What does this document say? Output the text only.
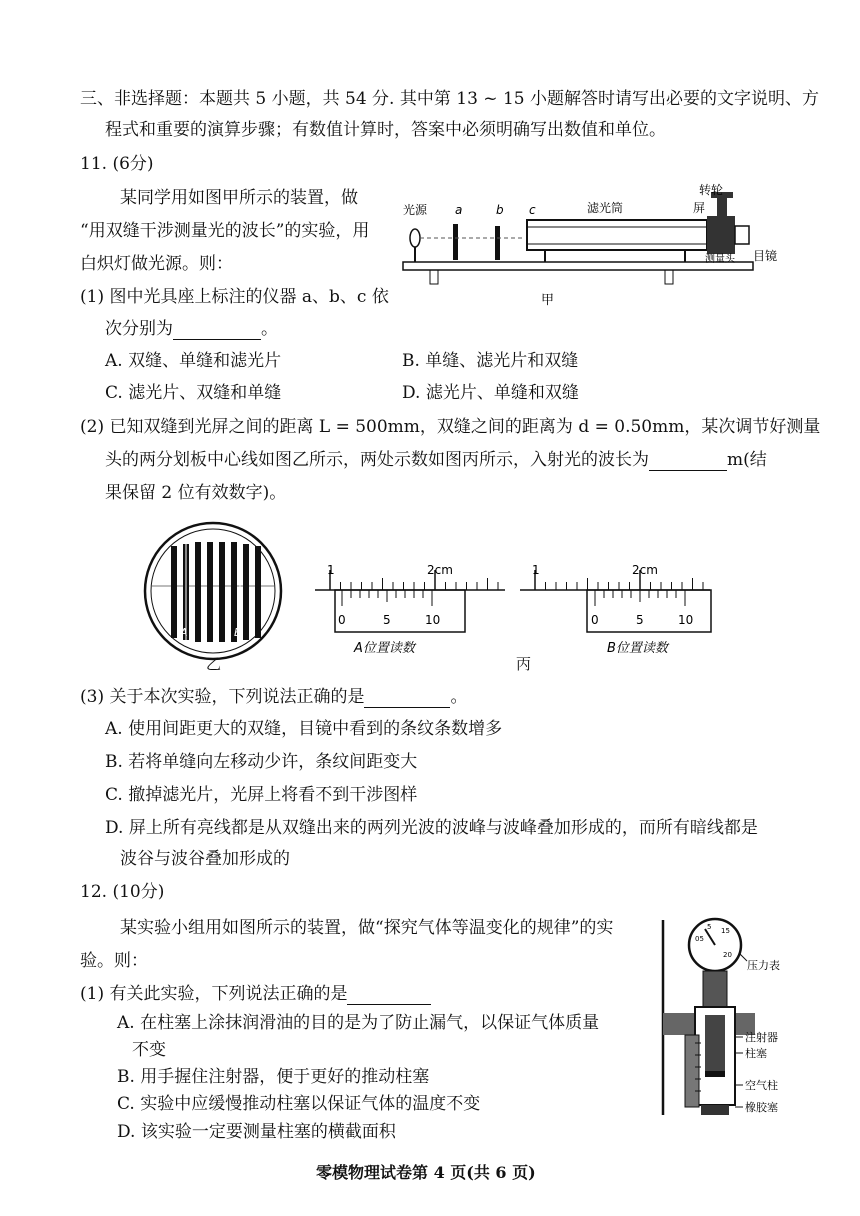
三、非选择题：本题共 5 小题，共 54 分. 其中第 13 ~ 15 小题解答时请写出必要的文字说明、方
程式和重要的演算步骤；有数值计算时，答案中必须明确写出数值和单位。
11. (6分)
某同学用如图甲所示的装置，做
“用双缝干涉测量光的波长”的实验，用
白炽灯做光源。则：
(1) 图中光具座上标注的仪器 a、b、c 依
次分别为	。
A. 双缝、单缝和滤光片	B. 单缝、滤光片和双缝
C. 滤光片、双缝和单缝	D. 滤光片、单缝和双缝
(2) 已知双缝到光屏之间的距离 L = 500mm，双缝之间的距离为 d = 0.50mm，某次调节好测量
头的两分划板中心线如图乙所示，两处示数如图丙所示，入射光的波长为	m(结
果保留 2 位有效数字)。
光源 a	b c	滤光筒	屏
转轮
目镜
测量头
甲
A	B
乙
1	2cm
0	5	10
A位置读数
1	2cm
0	5	10
B位置读数
丙
(3) 关于本次实验，下列说法正确的是	。
A. 使用间距更大的双缝，目镜中看到的条纹条数增多
B. 若将单缝向左移动少许，条纹间距变大
C. 撤掉滤光片，光屏上将看不到干涉图样
D. 屏上所有亮线都是从双缝出来的两列光波的波峰与波峰叠加形成的，而所有暗线都是
波谷与波谷叠加形成的
12. (10分)
某实验小组用如图所示的装置，做“探究气体等温变化的规律”的实
验。则：
(1) 有关此实验，下列说法正确的是
A. 在柱塞上涂抹润滑油的目的是为了防止漏气，以保证气体质量
不变
B. 用手握住注射器，便于更好的推动柱塞
C. 实验中应缓慢推动柱塞以保证气体的温度不变
D. 该实验一定要测量柱塞的横截面积
05
5 15
20
压力表
注射器
柱塞
空气柱
橡胶塞
零模物理试卷第 4 页(共 6 页)
